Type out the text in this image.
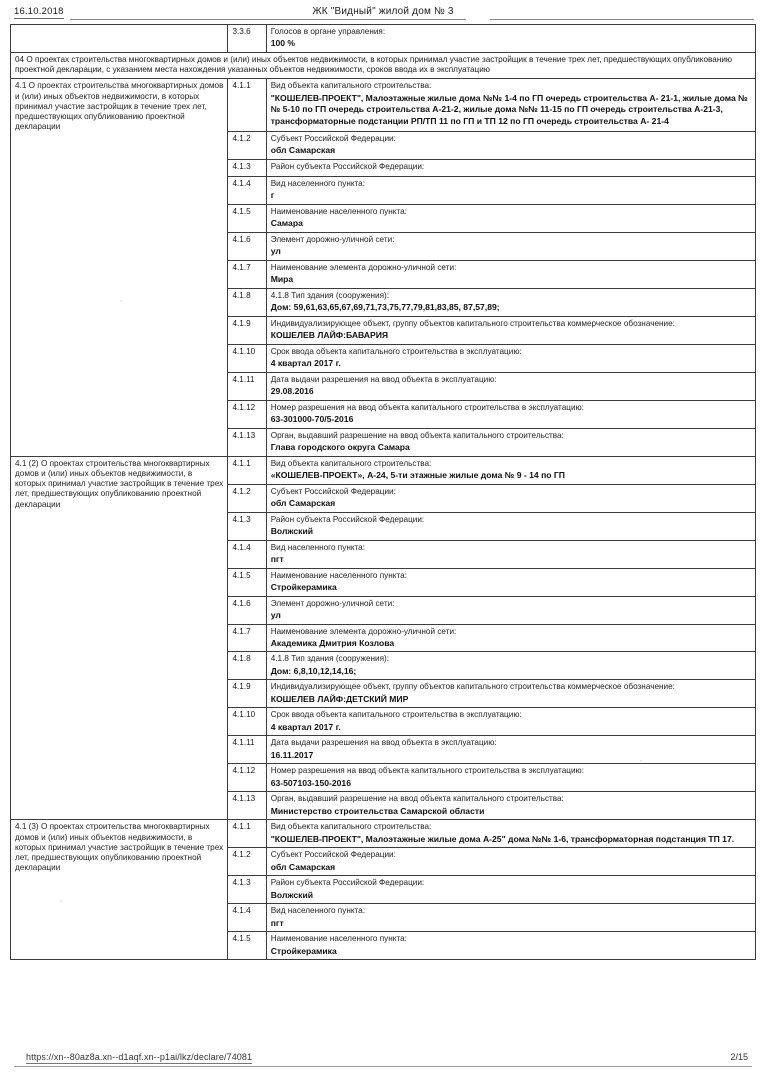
16.10.2018	ЖК "Видный" жилой дом № 3
	3.3.6	Голосов в органе управления:
100 %

04 О проектах строительства многоквартирных домов и (или) иных объектов недвижимости, в которых принимал участие застройщик в течение трех лет, предшествующих опубликованию проектной декларации, с указанием места нахождения указанных объектов недвижимости, сроков ввода их в эксплуатацию		
4.1 О проектах строительства многоквартирных домов и (или) иных объектов недвижимости, в которых принимал участие застройщик в течение трех лет, предшествующих опубликованию проектной декларации	4.1.1	Вид объекта капитального строительства:
"КОШЕЛЕВ-ПРОЕКТ", Малоэтажные жилые дома №№ 1-4 по ГП очередь строительства А- 21-1, жилые дома №№ 5-10 по ГП очередь строительства А-21-2, жилые дома №№ 11-15 по ГП очередь строительства А-21-3, трансформаторные подстанции РП/ТП 11 по ГП и ТП 12 по ГП очередь строительства А- 21-4

	4.1.2	Субъект Российской Федерации:
обл Самарская

	4.1.3	Район субъекта Российской Федерации:

	4.1.4	Вид населенного пункта:
г

	4.1.5	Наименование населенного пункта:
Самара

	4.1.6	Элемент дорожно-уличной сети:
ул

	4.1.7	Наименование элемента дорожно-уличной сети:
Мира

	4.1.8	4.1.8 Тип здания (сооружения):
Дом: 59,61,63,65,67,69,71,73,75,77,79,81,83,85, 87,57,89;

	4.1.9	Индивидуализирующее объект, группу объектов капитального строительства коммерческое обозначение:
КОШЕЛЕВ ЛАЙФ:БАВАРИЯ

	4.1.10	Срок ввода объекта капитального строительства в эксплуатацию:
4 квартал 2017 г.

	4.1.11	Дата выдачи разрешения на ввод объекта в эксплуатацию:
29.08.2016

	4.1.12	Номер разрешения на ввод объекта капитального строительства в эксплуатацию:
63-301000-70/5-2016

	4.1.13	Орган, выдавший разрешение на ввод объекта капитального строительства:
Глава городского округа Самара

4.1 (2) О проектах строительства многоквартирных домов и (или) иных объектов недвижимости, в которых принимал участие застройщик в течение трех лет, предшествующих опубликованию проектной декларации	4.1.1	Вид объекта капитального строительства:
«КОШЕЛЕВ-ПРОЕКТ», А-24, 5-ти этажные жилые дома № 9 - 14 по ГП

	4.1.2	Субъект Российской Федерации:
обл Самарская

	4.1.3	Район субъекта Российской Федерации:
Волжский

	4.1.4	Вид населенного пункта:
пгт

	4.1.5	Наименование населенного пункта:
Стройкерамика

	4.1.6	Элемент дорожно-уличной сети:
ул

	4.1.7	Наименование элемента дорожно-уличной сети:
Академика Дмитрия Козлова

	4.1.8	4.1.8 Тип здания (сооружения):
Дом: 6,8,10,12,14,16;

	4.1.9	Индивидуализирующее объект, группу объектов капитального строительства коммерческое обозначение:
КОШЕЛЕВ ЛАЙФ:ДЕТСКИЙ МИР

	4.1.10	Срок ввода объекта капитального строительства в эксплуатацию:
4 квартал 2017 г.

	4.1.11	Дата выдачи разрешения на ввод объекта в эксплуатацию:
16.11.2017

	4.1.12	Номер разрешения на ввод объекта капитального строительства в эксплуатацию:
63-507103-150-2016

	4.1.13	Орган, выдавший разрешение на ввод объекта капитального строительства:
Министерство строительства Самарской области

4.1 (3) О проектах строительства многоквартирных домов и (или) иных объектов недвижимости, в которых принимал участие застройщик в течение трех лет, предшествующих опубликованию проектной декларации	4.1.1	Вид объекта капитального строительства:
"КОШЕЛЕВ-ПРОЕКТ", Малоэтажные жилые дома А-25" дома №№ 1-6, трансформаторная подстанция ТП 17.

	4.1.2	Субъект Российской Федерации:
обл Самарская

	4.1.3	Район субъекта Российской Федерации:
Волжский

	4.1.4	Вид населенного пункта:
пгт

	4.1.5	Наименование населенного пункта:
Стройкерамика
https://xn--80az8a.xn--d1aqf.xn--p1ai/lkz/declare/74081	2/15
